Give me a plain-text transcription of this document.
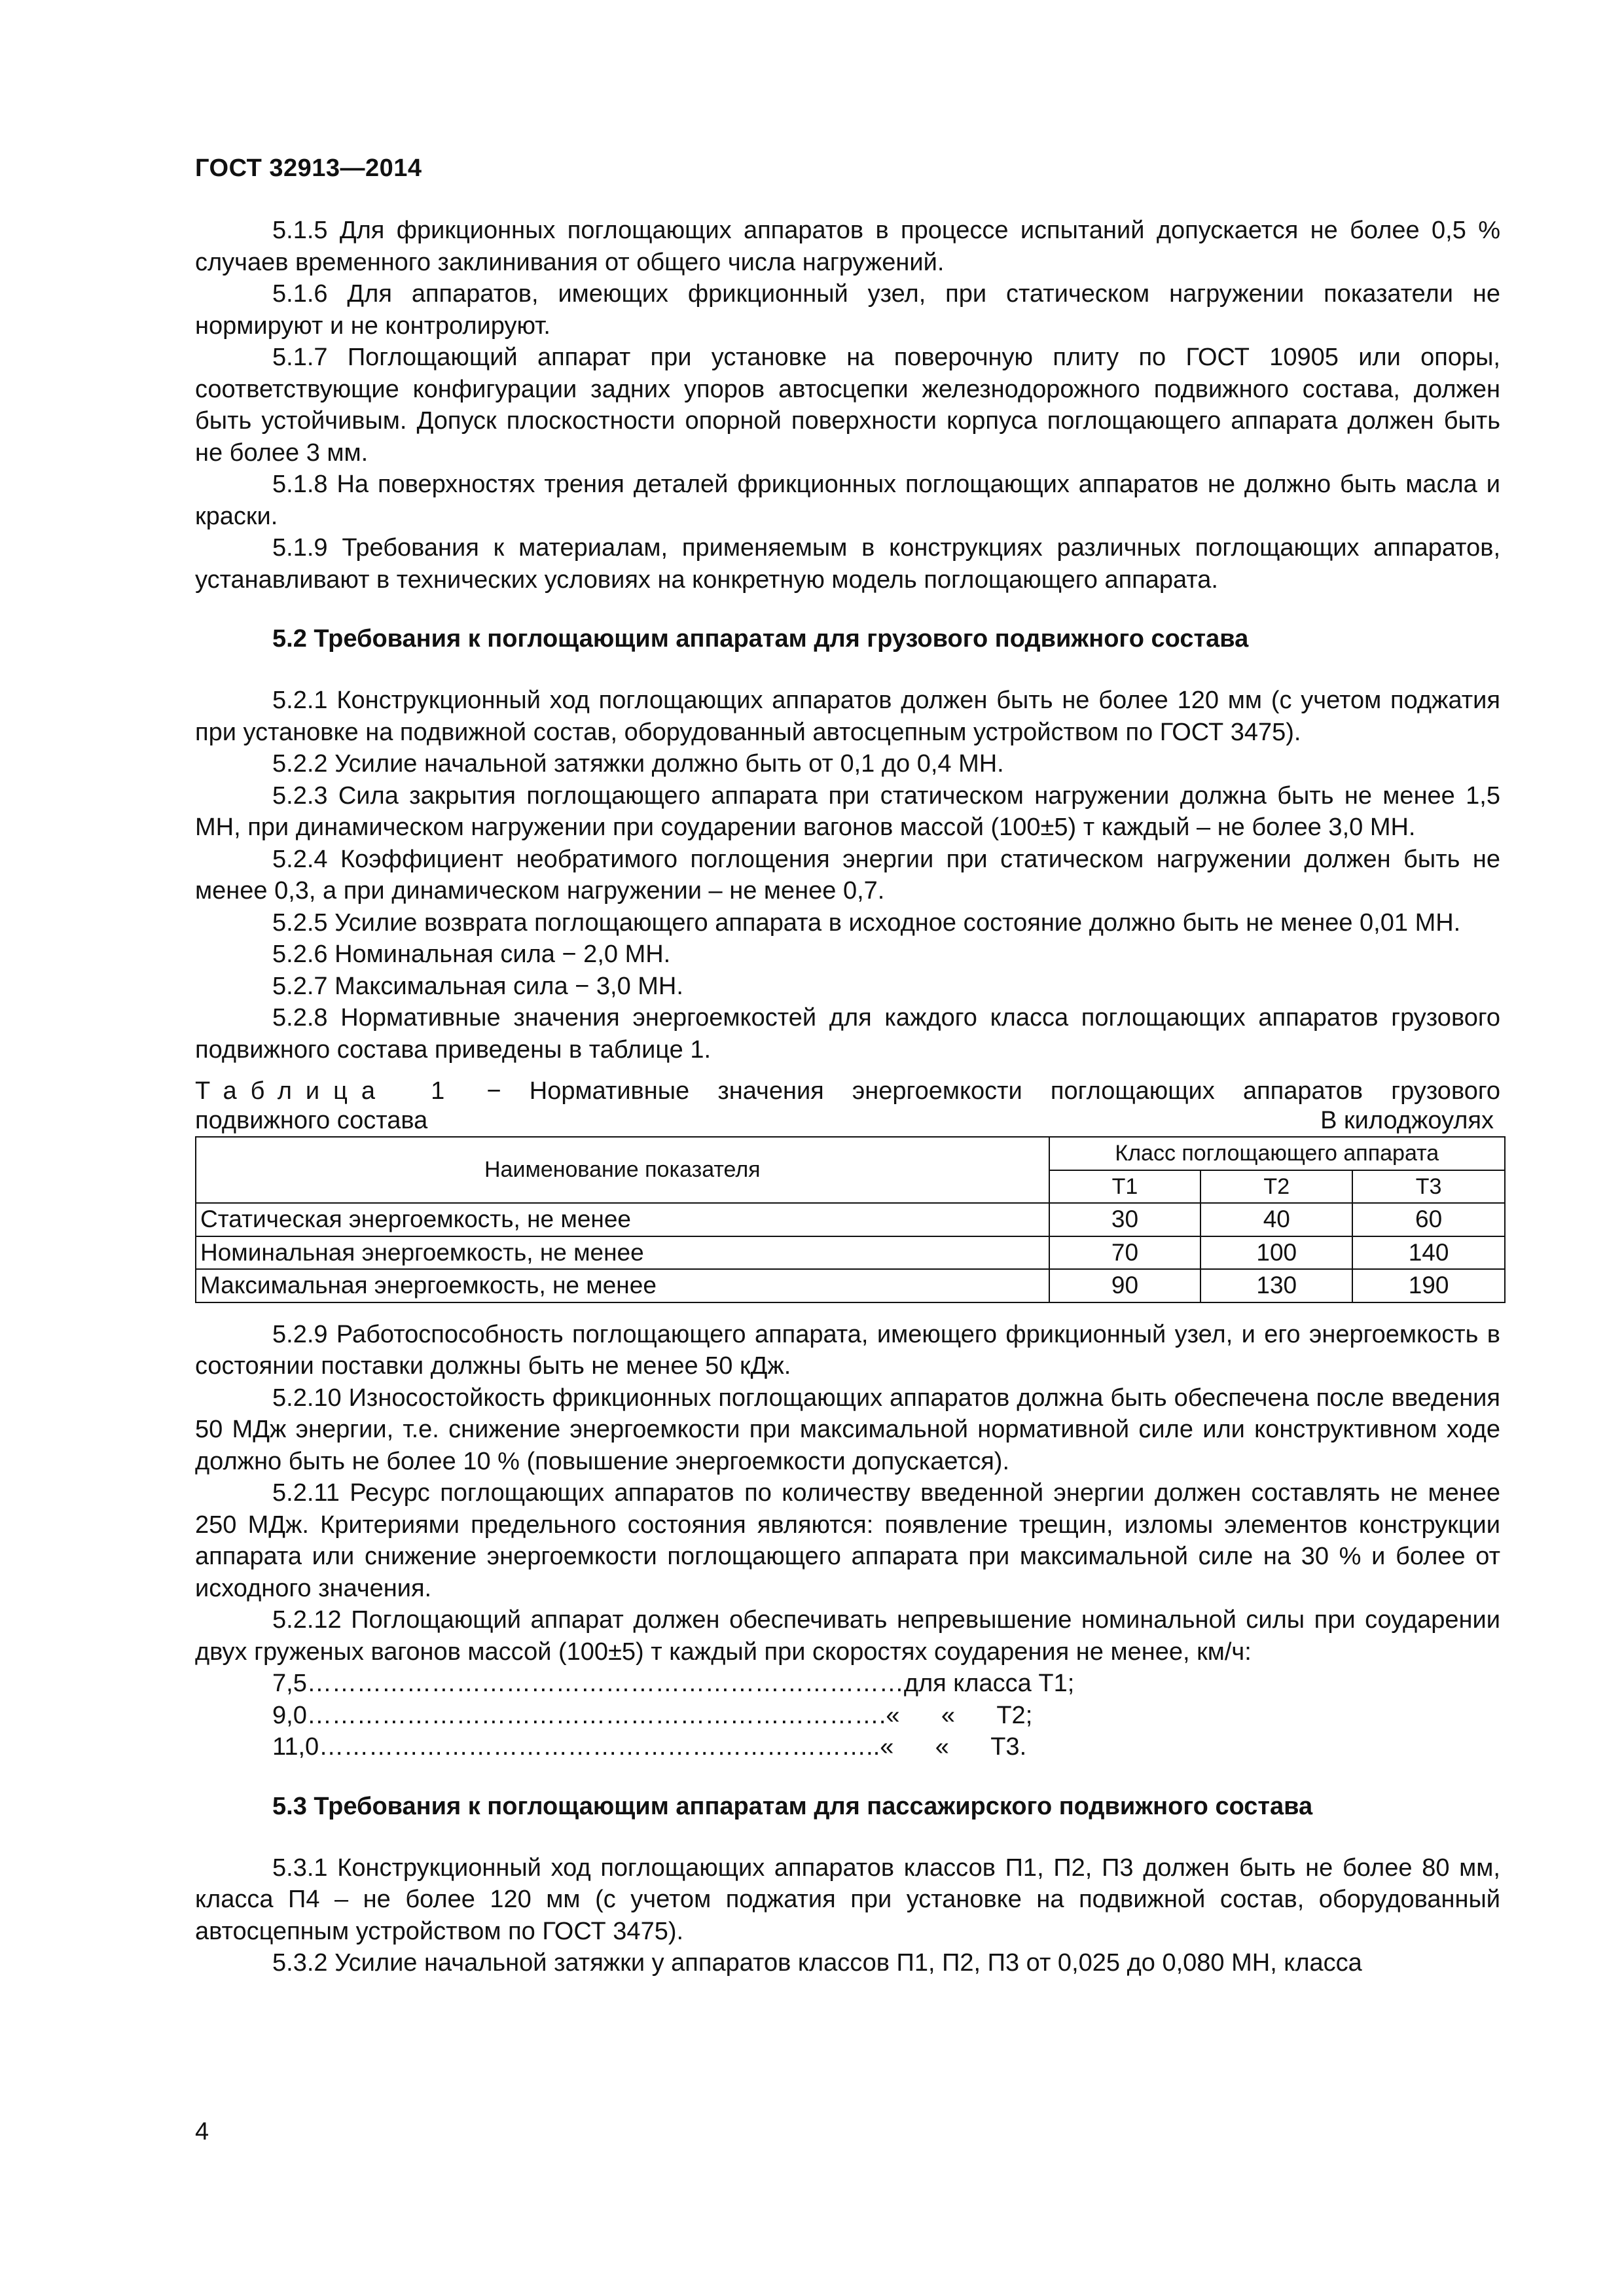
ГОСТ 32913—2014

5.1.5 Для фрикционных поглощающих аппаратов в процессе испытаний допускается не более 0,5 % случаев временного заклинивания от общего числа нагружений.

5.1.6 Для аппаратов, имеющих фрикционный узел, при статическом нагружении показатели не нормируют и не контролируют.

5.1.7 Поглощающий аппарат при установке на поверочную плиту по ГОСТ 10905 или опоры, соответствующие конфигурации задних упоров автосцепки железнодорожного подвижного состава, должен быть устойчивым. Допуск плоскостности опорной поверхности корпуса поглощающего аппарата должен быть не более 3 мм.

5.1.8 На поверхностях трения деталей фрикционных поглощающих аппаратов не должно быть масла и краски.

5.1.9 Требования к материалам, применяемым в конструкциях различных поглощающих аппаратов, устанавливают в технических условиях на конкретную модель поглощающего аппарата.

5.2 Требования к поглощающим аппаратам для грузового подвижного состава

5.2.1 Конструкционный ход поглощающих аппаратов должен быть не более 120 мм (с учетом поджатия при установке на подвижной состав, оборудованный автосцепным устройством по ГОСТ 3475).

5.2.2 Усилие начальной затяжки должно быть от 0,1 до 0,4 МН.

5.2.3 Сила закрытия поглощающего аппарата при статическом нагружении должна быть не менее 1,5 МН, при динамическом нагружении при соударении вагонов массой (100±5) т каждый – не более 3,0 МН.

5.2.4 Коэффициент необратимого поглощения энергии при статическом нагружении должен быть не менее 0,3, а при динамическом нагружении – не менее 0,7.

5.2.5 Усилие возврата поглощающего аппарата в исходное состояние должно быть не менее 0,01 МН.

5.2.6 Номинальная сила − 2,0 МН.

5.2.7 Максимальная сила − 3,0 МН.

5.2.8 Нормативные значения энергоемкостей для каждого класса поглощающих аппаратов грузового подвижного состава приведены в таблице 1.

Таблица 1 − Нормативные значения энергоемкости поглощающих аппаратов грузового
подвижного состава	В килоджоулях
Наименование показателя	Класс поглощающего аппарата		
	Т1	Т2	Т3
Статическая энергоемкость, не менее	30	40	60
Номинальная энергоемкость, не менее	70	100	140
Максимальная энергоемкость, не менее	90	130	190

5.2.9 Работоспособность поглощающего аппарата, имеющего фрикционный узел, и его энергоемкость в состоянии поставки должны быть не менее 50 кДж.

5.2.10 Износостойкость фрикционных поглощающих аппаратов должна быть обеспечена после введения 50 МДж энергии, т.е. снижение энергоемкости при максимальной нормативной силе или конструктивном ходе должно быть не более 10 % (повышение энергоемкости допускается).

5.2.11 Ресурс поглощающих аппаратов по количеству введенной энергии должен составлять не менее 250 МДж. Критериями предельного состояния являются: появление трещин, изломы элементов конструкции аппарата или снижение энергоемкости поглощающего аппарата при максимальной силе на 30 % и более от исходного значения.

5.2.12 Поглощающий аппарат должен обеспечивать непревышение номинальной силы при соударении двух груженых вагонов массой (100±5) т каждый при скоростях соударения не менее, км/ч:

7,5 ……………………………………………………………… для класса Т1;
9,0 ……………………………………………………………. «      «      Т2;
11,0 ………………………………………………………….. «      «      Т3.
5.3 Требования к поглощающим аппаратам для пассажирского подвижного состава

5.3.1 Конструкционный ход поглощающих аппаратов классов П1, П2, П3 должен быть не более 80 мм, класса П4 – не более 120 мм (с учетом поджатия при установке на подвижной состав, оборудованный автосцепным устройством по ГОСТ 3475).

5.3.2 Усилие начальной затяжки у аппаратов классов П1, П2, П3 от 0,025 до 0,080 МН, класса

4
